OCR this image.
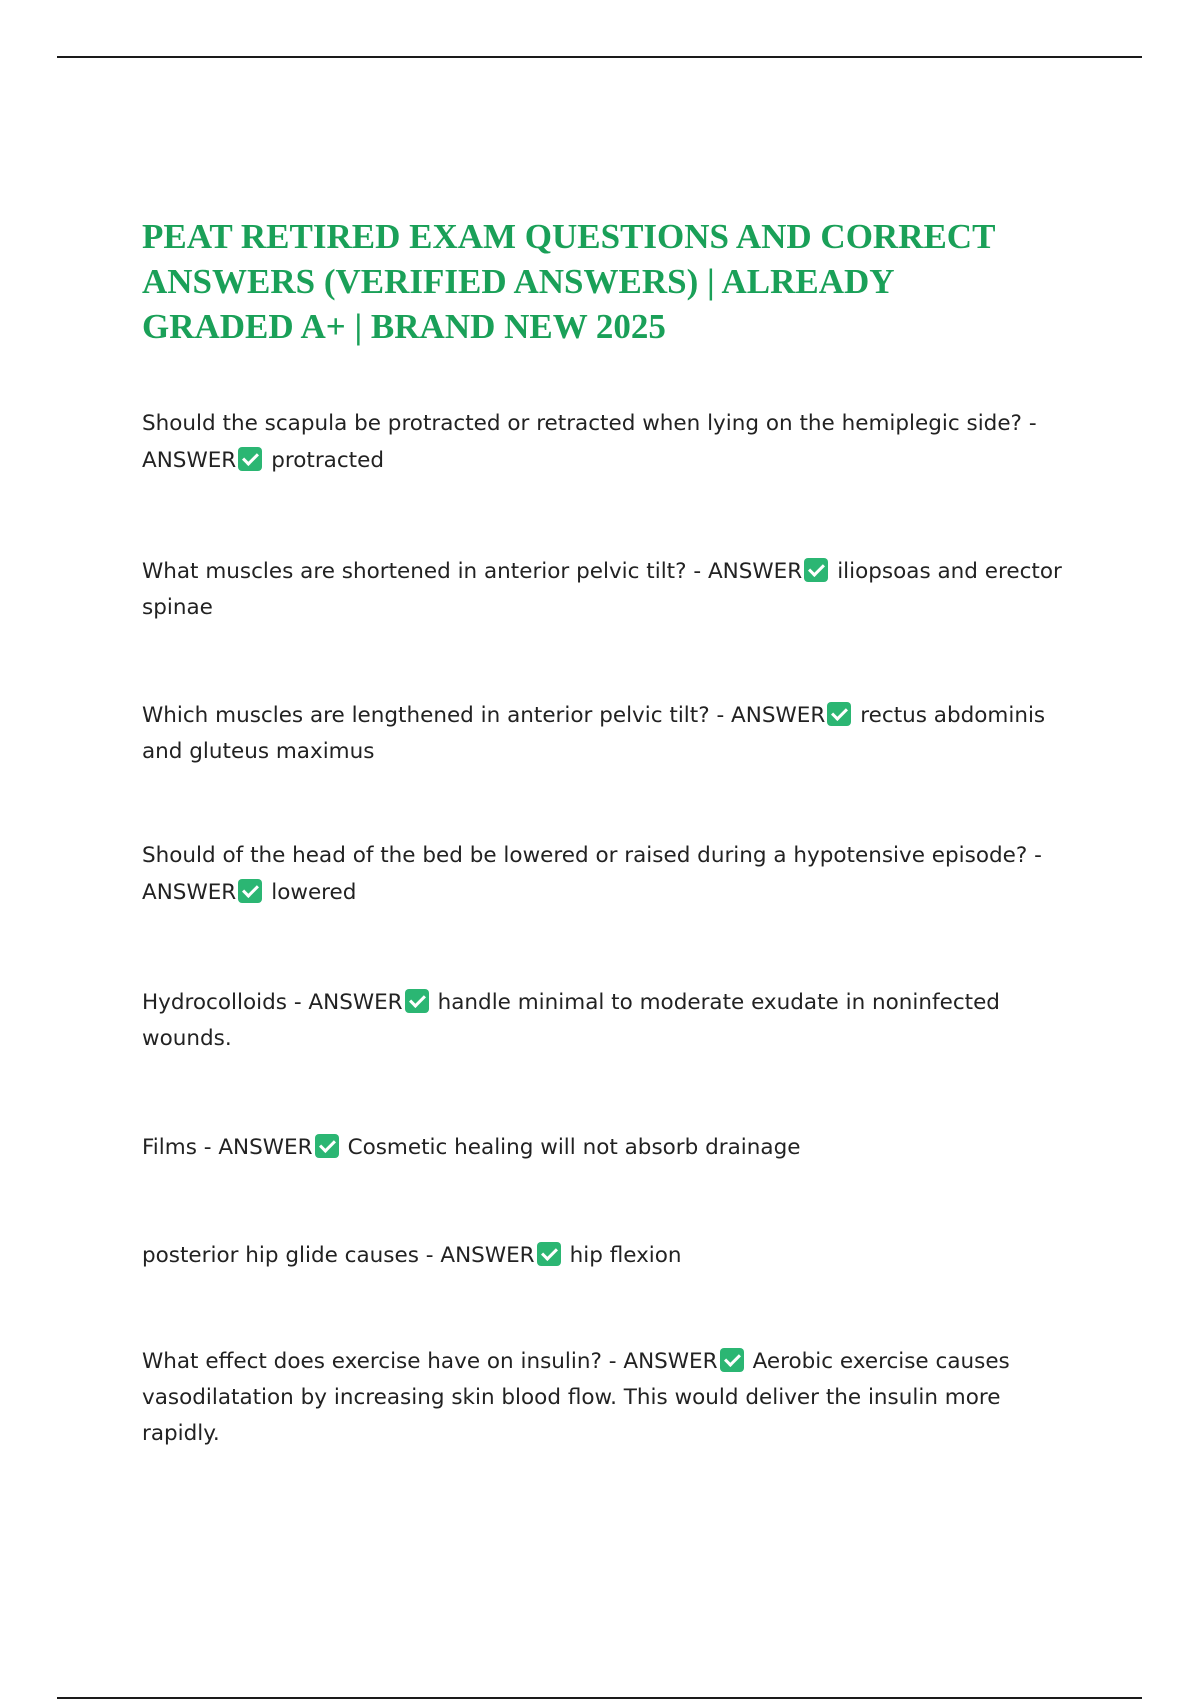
PEAT RETIRED EXAM QUESTIONS AND CORRECT ANSWERS (VERIFIED ANSWERS) | ALREADY GRADED A+ | BRAND NEW 2025

Should the scapula be protracted or retracted when lying on the hemiplegic side? - ANSWER protracted

What muscles are shortened in anterior pelvic tilt? - ANSWER iliopsoas and erector spinae

Which muscles are lengthened in anterior pelvic tilt? - ANSWER rectus abdominis and gluteus maximus

Should of the head of the bed be lowered or raised during a hypotensive episode? - ANSWER lowered

Hydrocolloids - ANSWER handle minimal to moderate exudate in noninfected wounds.

Films - ANSWER Cosmetic healing will not absorb drainage

posterior hip glide causes - ANSWER hip flexion

What effect does exercise have on insulin? - ANSWER Aerobic exercise causes vasodilatation by increasing skin blood flow. This would deliver the insulin more rapidly.
